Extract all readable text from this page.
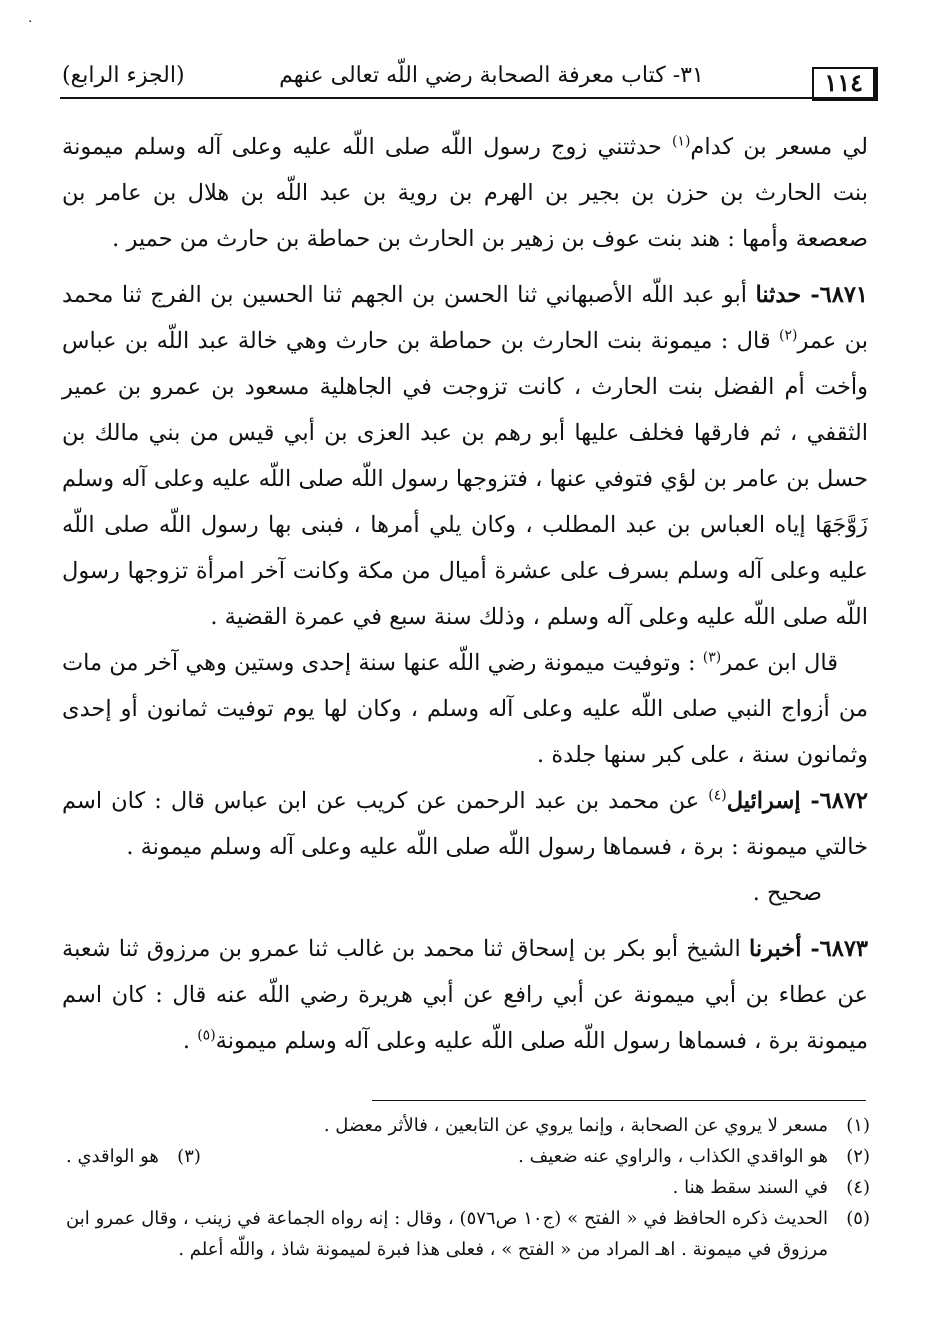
·
١١٤
٣١- كتاب معرفة الصحابة رضي اللّه تعالى عنهم
(الجزء الرابع)

لي مسعر بن كدام$^{(١)}$ حدثتني زوج رسول اللّه صلى اللّه عليه وعلى آله وسلم ميمونة بنت الحارث بن حزن بن بجير بن الهرم بن روية بن عبد اللّه بن هلال بن عامر بن صعصعة وأمها : هند بنت عوف بن زهير بن الحارث بن حماطة بن حارث من حمير .

٦٨٧١- حدثنا أبو عبد اللّه الأصبهاني ثنا الحسن بن الجهم ثنا الحسين بن الفرج ثنا محمد بن عمر$^{(٢)}$ قال : ميمونة بنت الحارث بن حماطة بن حارث وهي خالة عبد اللّه بن عباس وأخت أم الفضل بنت الحارث ، كانت تزوجت في الجاهلية مسعود بن عمرو بن عمير الثقفي ، ثم فارقها فخلف عليها أبو رهم بن عبد العزى بن أبي قيس من بني مالك بن حسل بن عامر بن لؤي فتوفي عنها ، فتزوجها رسول اللّه صلى اللّه عليه وعلى آله وسلم زَوَّجَهَا إياه العباس بن عبد المطلب ، وكان يلي أمرها ، فبنى بها رسول اللّه صلى اللّه عليه وعلى آله وسلم بسرف على عشرة أميال من مكة وكانت آخر امرأة تزوجها رسول اللّه صلى اللّه عليه وعلى آله وسلم ، وذلك سنة سبع في عمرة القضية .

قال ابن عمر$^{(٣)}$ : وتوفيت ميمونة رضي اللّه عنها سنة إحدى وستين وهي آخر من مات من أزواج النبي صلى اللّه عليه وعلى آله وسلم ، وكان لها يوم توفيت ثمانون أو إحدى وثمانون سنة ، على كبر سنها جلدة .

٦٨٧٢- إسرائيل$^{(٤)}$ عن محمد بن عبد الرحمن عن كريب عن ابن عباس قال : كان اسم خالتي ميمونة : برة ، فسماها رسول اللّه صلى اللّه عليه وعلى آله وسلم ميمونة .
صحيح .

٦٨٧٣- أخبرنا الشيخ أبو بكر بن إسحاق ثنا محمد بن غالب ثنا عمرو بن مرزوق ثنا شعبة عن عطاء بن أبي ميمونة عن أبي رافع عن أبي هريرة رضي اللّه عنه قال : كان اسم ميمونة برة ، فسماها رسول اللّه صلى اللّه عليه وعلى آله وسلم ميمونة$^{(٥)}$ .

(١)
مسعر لا يروي عن الصحابة ، وإنما يروي عن التابعين ، فالأثر معضل .
(٢)
هو الواقدي الكذاب ، والراوي عنه ضعيف .
(٣)
هو الواقدي .
(٤)
في السند سقط هنا .
(٥)
الحديث ذكره الحافظ في « الفتح » (ج١٠ ص٥٧٦) ، وقال : إنه رواه الجماعة في زينب ، وقال عمرو ابن مرزوق في ميمونة . اهـ المراد من « الفتح » ، فعلى هذا فبرة لميمونة شاذ ، واللّه أعلم .
